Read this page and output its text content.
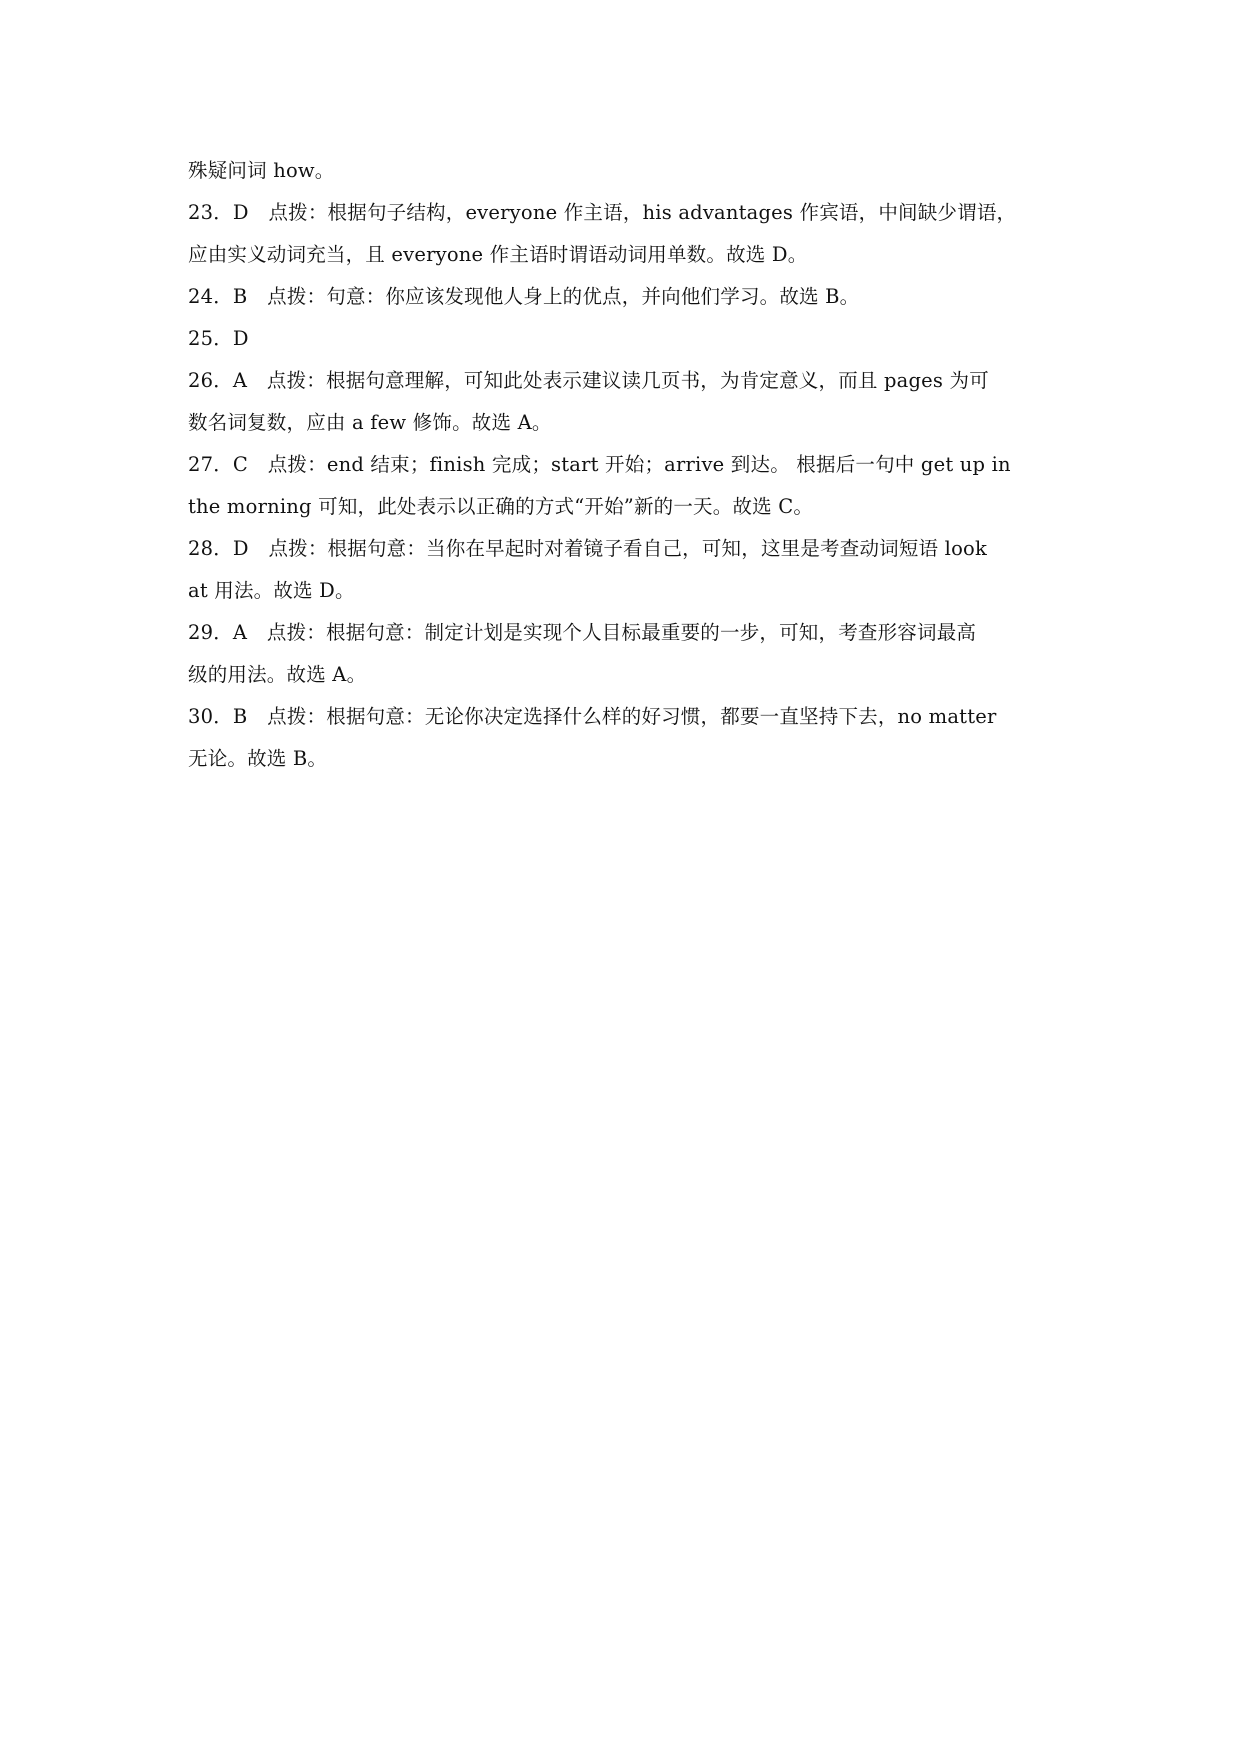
殊疑问词 how。
23．D　点拨：根据句子结构，everyone 作主语，his advantages 作宾语，中间缺少谓语，
应由实义动词充当，且 everyone 作主语时谓语动词用单数。故选 D。
24．B　点拨：句意：你应该发现他人身上的优点，并向他们学习。故选 B。
25．D
26．A　点拨：根据句意理解，可知此处表示建议读几页书，为肯定意义，而且 pages 为可
数名词复数，应由 a few 修饰。故选 A。
27．C　点拨：end 结束；finish 完成；start 开始；arrive 到达。 根据后一句中 get up in
the morning 可知，此处表示以正确的方式“开始”新的一天。故选 C。
28．D　点拨：根据句意：当你在早起时对着镜子看自己，可知，这里是考查动词短语 look
at 用法。故选 D。
29．A　点拨：根据句意：制定计划是实现个人目标最重要的一步，可知，考查形容词最高
级的用法。故选 A。
30．B　点拨：根据句意：无论你决定选择什么样的好习惯，都要一直坚持下去，no matter
无论。故选 B。
